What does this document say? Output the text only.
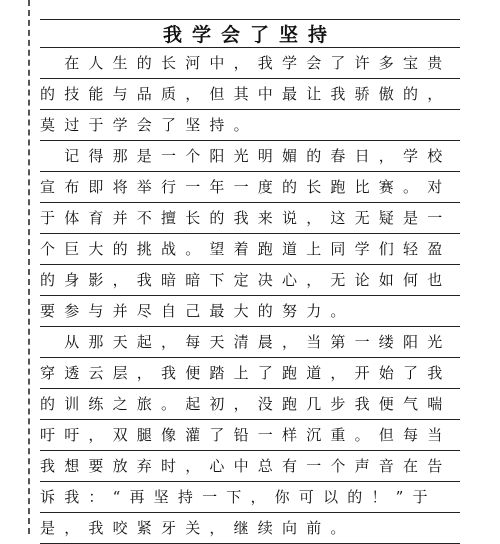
我学会了坚持
　在人生的长河中，我学会了许多宝贵
的技能与品质，但其中最让我骄傲的，
莫过于学会了坚持。
　记得那是一个阳光明媚的春日，学校
宣布即将举行一年一度的长跑比赛。对
于体育并不擅长的我来说，这无疑是一
个巨大的挑战。望着跑道上同学们轻盈
的身影，我暗暗下定决心，无论如何也
要参与并尽自己最大的努力。
　从那天起，每天清晨，当第一缕阳光
穿透云层，我便踏上了跑道，开始了我
的训练之旅。起初，没跑几步我便气喘
吁吁，双腿像灌了铅一样沉重。但每当
我想要放弃时，心中总有一个声音在告
诉我：“再坚持一下，你可以的！”于
是，我咬紧牙关，继续向前。
